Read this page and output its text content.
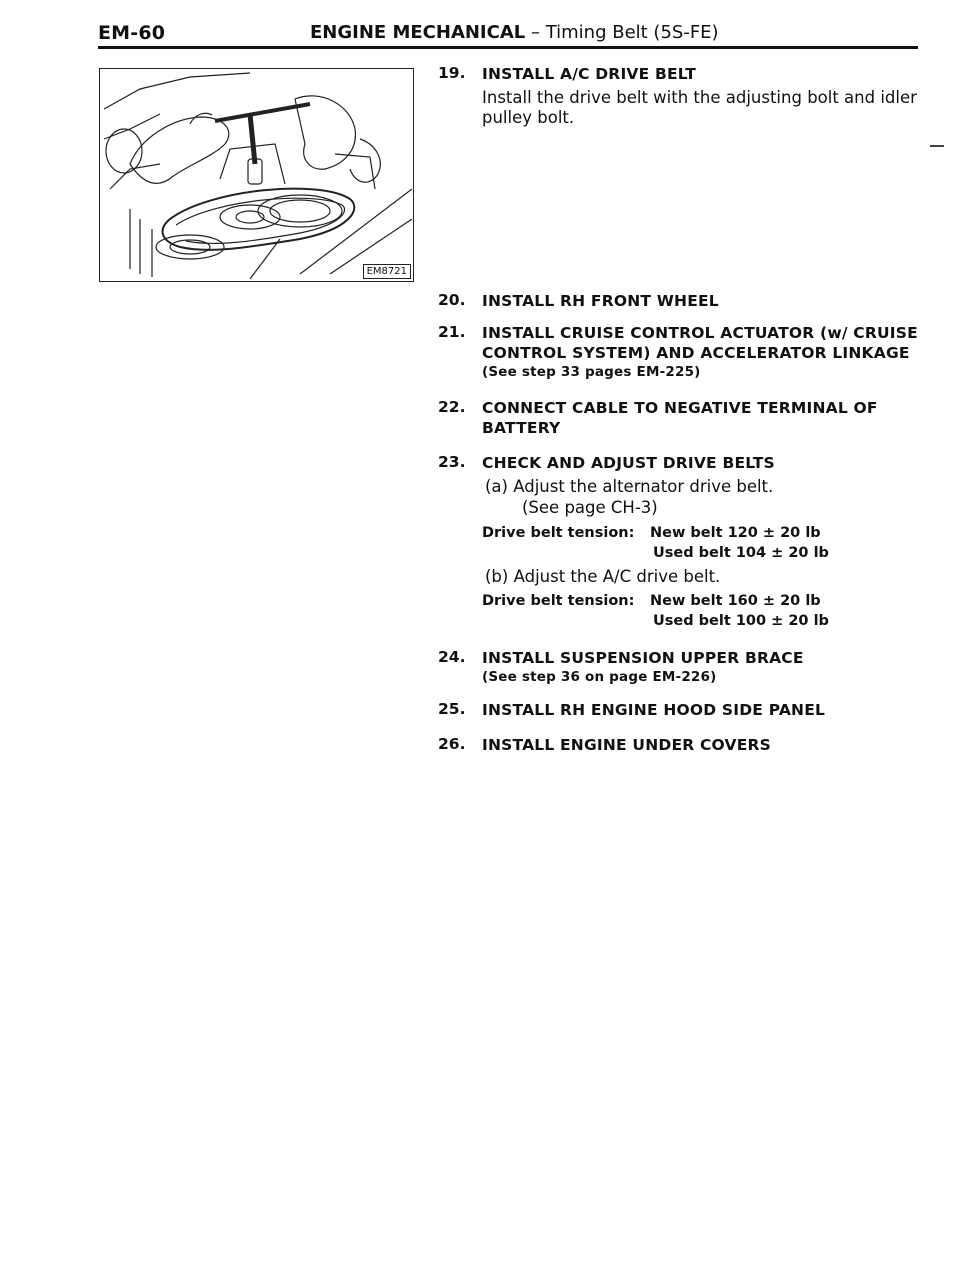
EM-60	ENGINE MECHANICAL – Timing Belt (5S-FE)
EM8721
19.	INSTALL A/C DRIVE BELT
Install the drive belt with the adjusting bolt and idler pulley bolt.
20.	INSTALL RH FRONT WHEEL
21.	INSTALL CRUISE CONTROL ACTUATOR (w/ CRUISE CONTROL SYSTEM) AND ACCELERATOR LINKAGE
(See step 33 pages EM-225)
22.	CONNECT CABLE TO NEGATIVE TERMINAL OF BATTERY
23.	CHECK AND ADJUST DRIVE BELTS
(a) Adjust the alternator drive belt.
(See page CH-3)
Drive belt tension: New belt 120 ± 20 lb
Used belt 104 ± 20 lb
(b) Adjust the A/C drive belt.
Drive belt tension: New belt 160 ± 20 lb
Used belt 100 ± 20 lb
24.	INSTALL SUSPENSION UPPER BRACE
(See step 36 on page EM-226)
25.	INSTALL RH ENGINE HOOD SIDE PANEL
26.	INSTALL ENGINE UNDER COVERS
